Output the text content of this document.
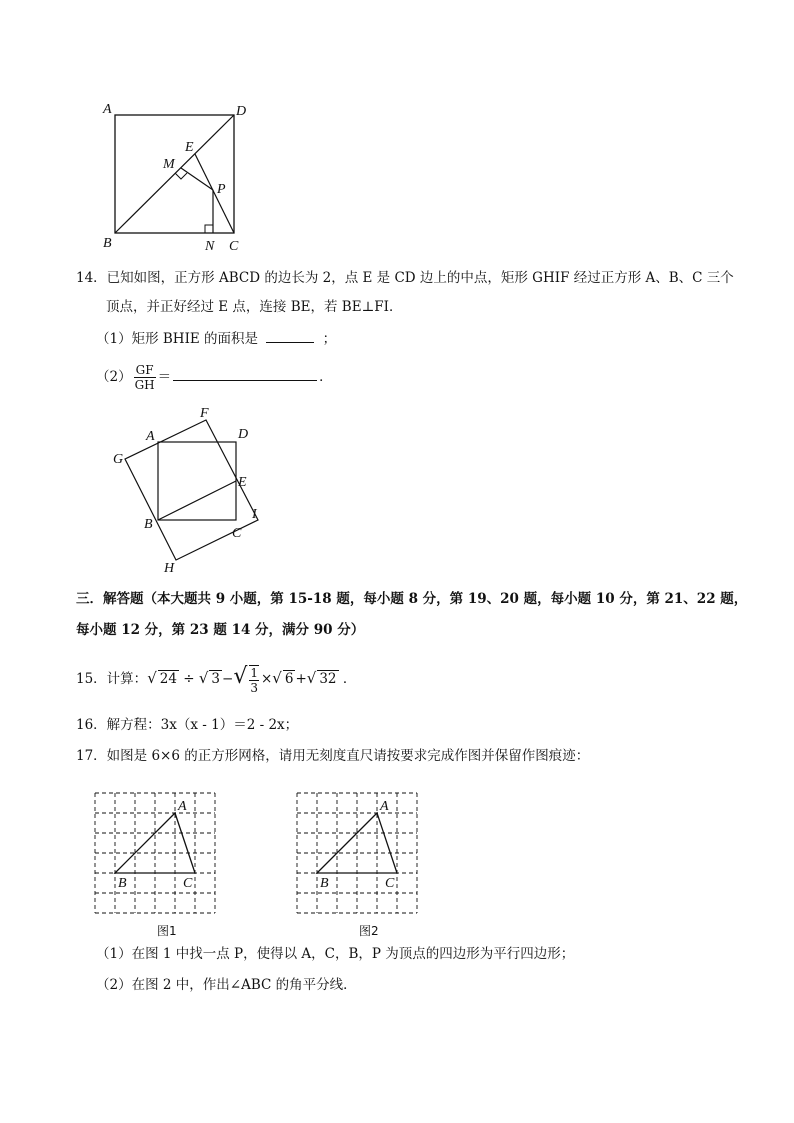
A	D
E
M
P
B	N C
14．已知如图，正方形 ABCD 的边长为 2，点 E 是 CD 边上的中点，矩形 GHIF 经过正方形 A、B、C 三个
顶点，并正好经过 E 点，连接 BE，若 BE⊥FI．
（1）矩形 BHIE 的面积是	；
$(2) \frac{GF}{GH}$ ＝	．
F
A	D
G
E
I
B
C
H
三．解答题（本大题共 9 小题，第 15-18 题，每小题 8 分，第 19、20 题，每小题 10 分，第 21、22 题，
每小题 12 分，第 23 题 14 分，满分 90 分）
15．计算：√ 24 ÷ √ 3 −√ $\frac{1}{3}$ ×√ 6 +√ 32 ．
16．解方程：3x（x - 1）＝2 - 2x；
17．如图是 6×6 的正方形网格，请用无刻度直尺请按要求完成作图并保留作图痕迹：
A
B	C
图1
A
B	C
图2
（1）在图 1 中找一点 P，使得以 A，C，B，P 为顶点的四边形为平行四边形；
（2）在图 2 中，作出∠ABC 的角平分线．
